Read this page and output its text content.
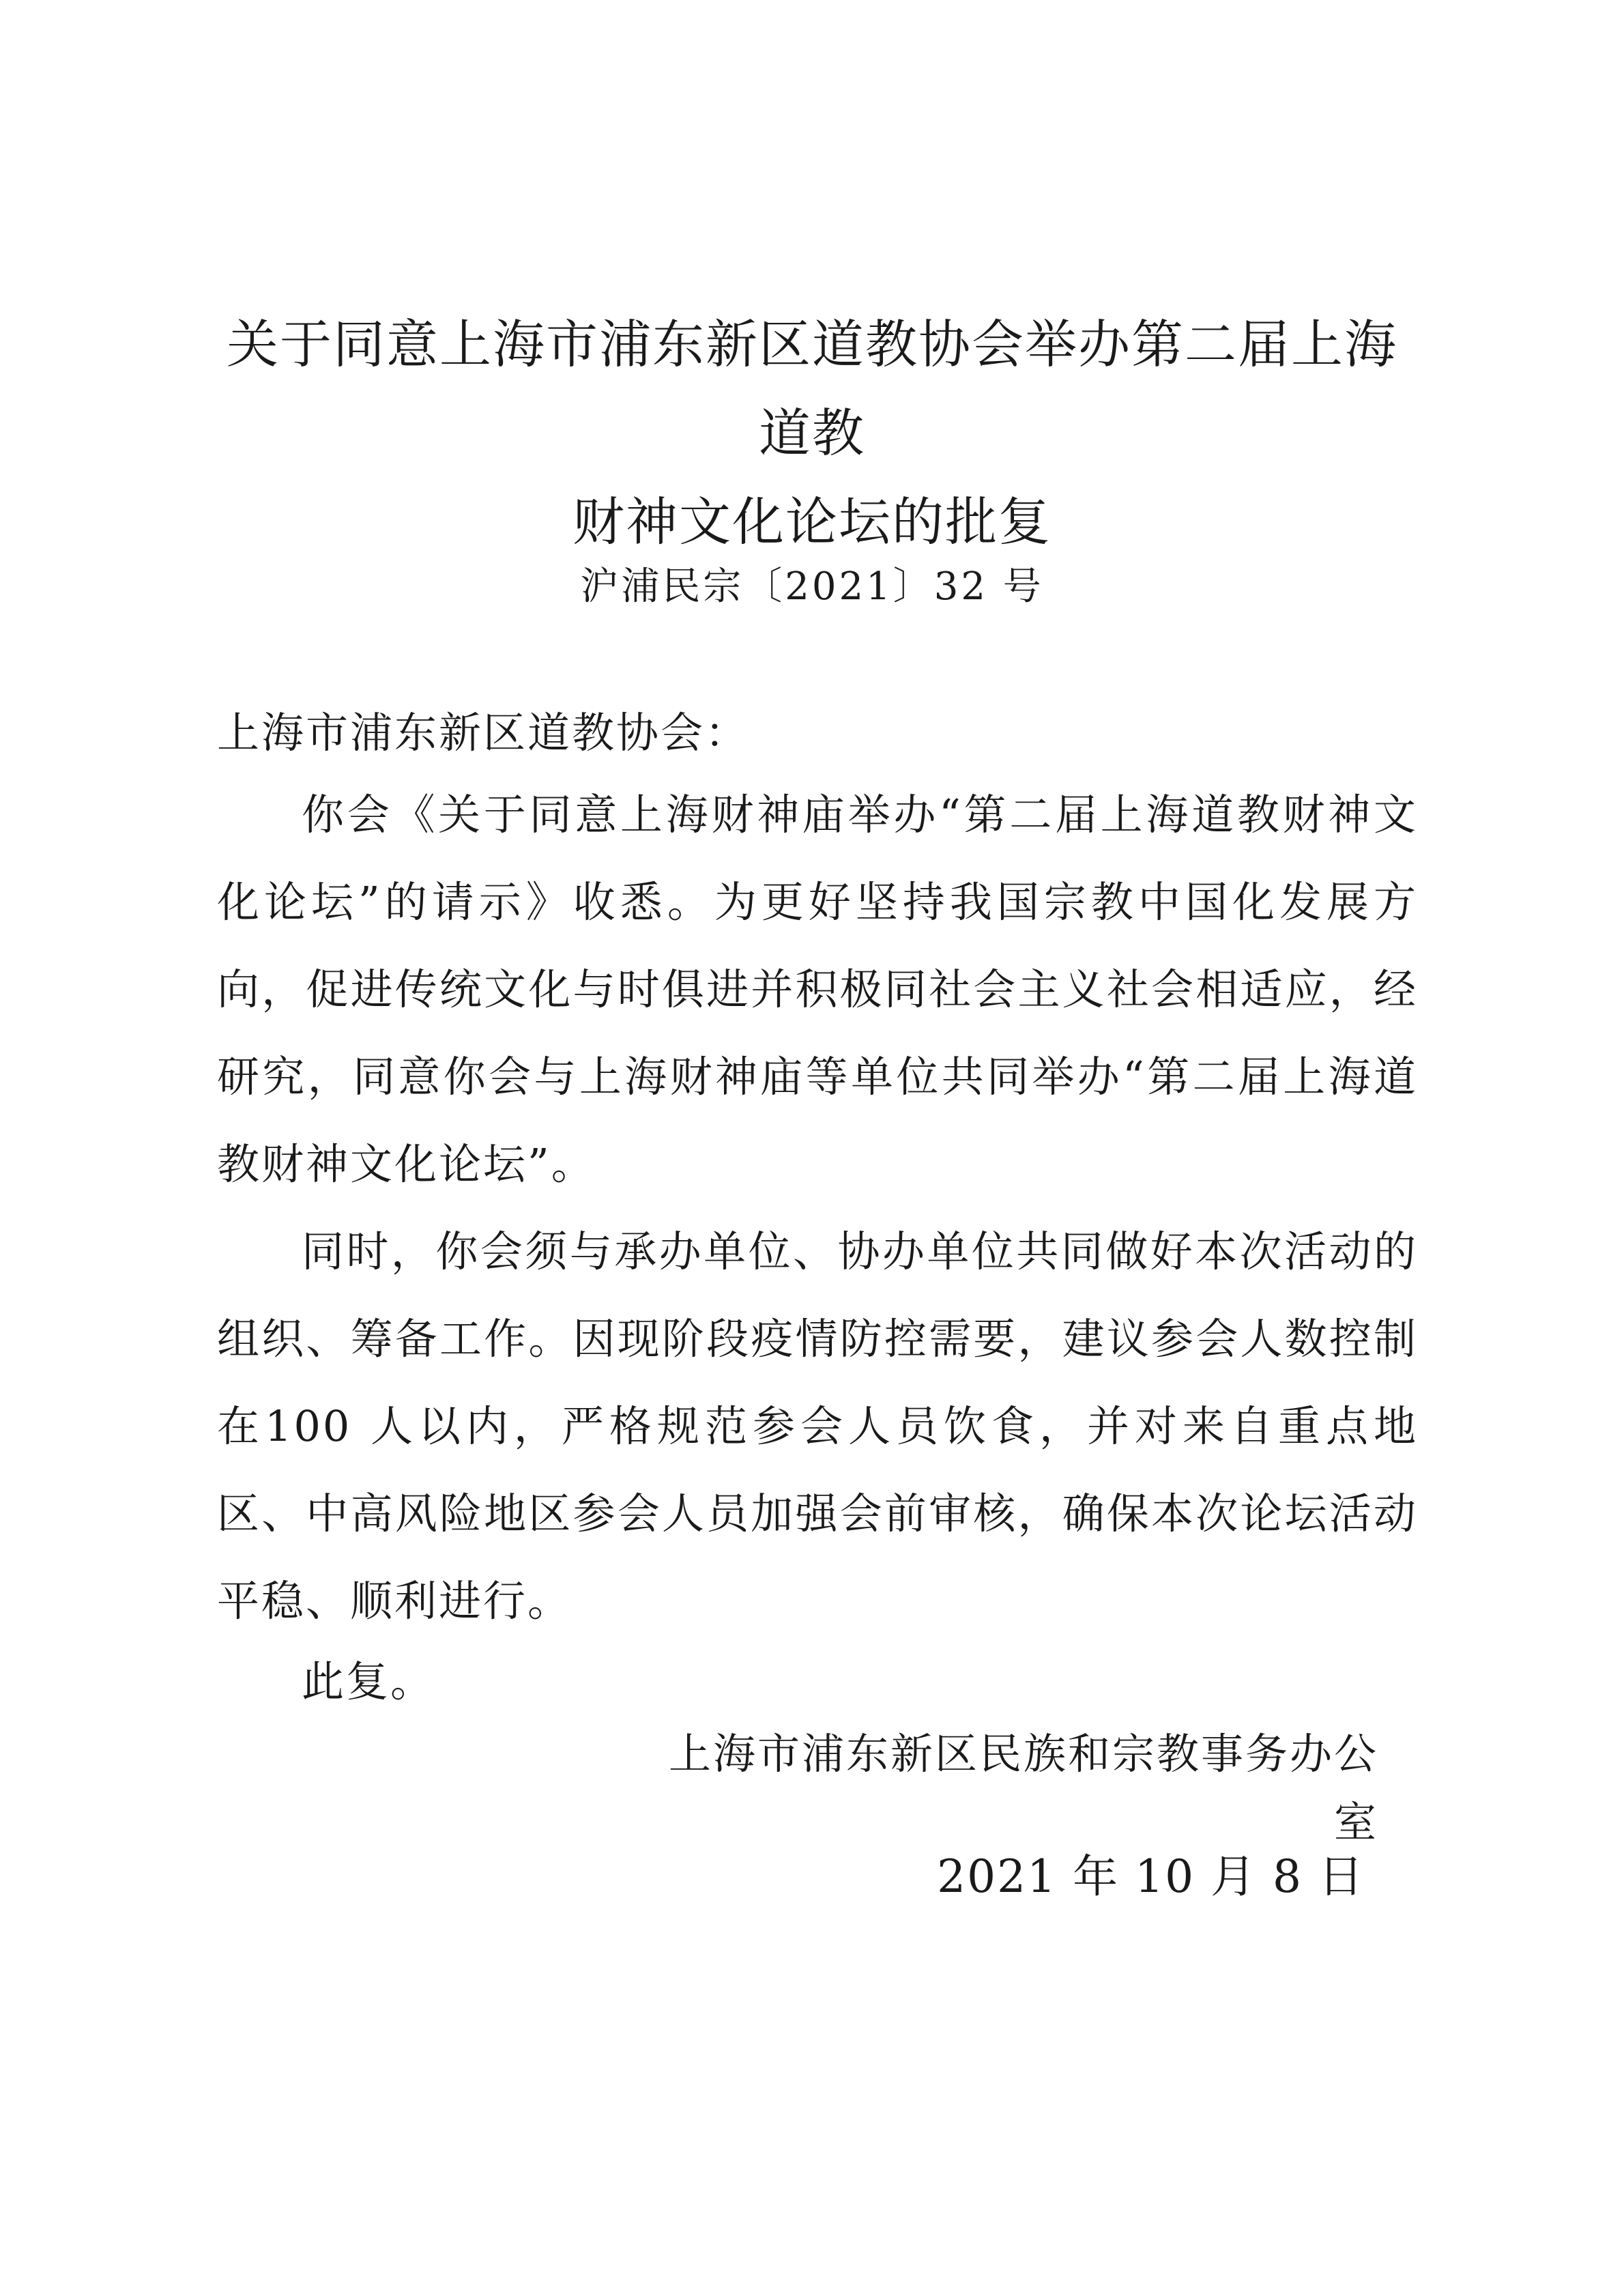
关于同意上海市浦东新区道教协会举办第二届上海道教
财神文化论坛的批复
沪浦民宗〔2021〕32 号

上海市浦东新区道教协会：

你会《关于同意上海财神庙举办“第二届上海道教财神文化论坛”的请示》收悉。为更好坚持我国宗教中国化发展方向，促进传统文化与时俱进并积极同社会主义社会相适应，经研究，同意你会与上海财神庙等单位共同举办“第二届上海道教财神文化论坛”。

同时，你会须与承办单位、协办单位共同做好本次活动的组织、筹备工作。因现阶段疫情防控需要，建议参会人数控制在100 人以内，严格规范参会人员饮食，并对来自重点地区、中高风险地区参会人员加强会前审核，确保本次论坛活动平稳、顺利进行。

此复。

上海市浦东新区民族和宗教事务办公室
2021 年 10 月 8 日
